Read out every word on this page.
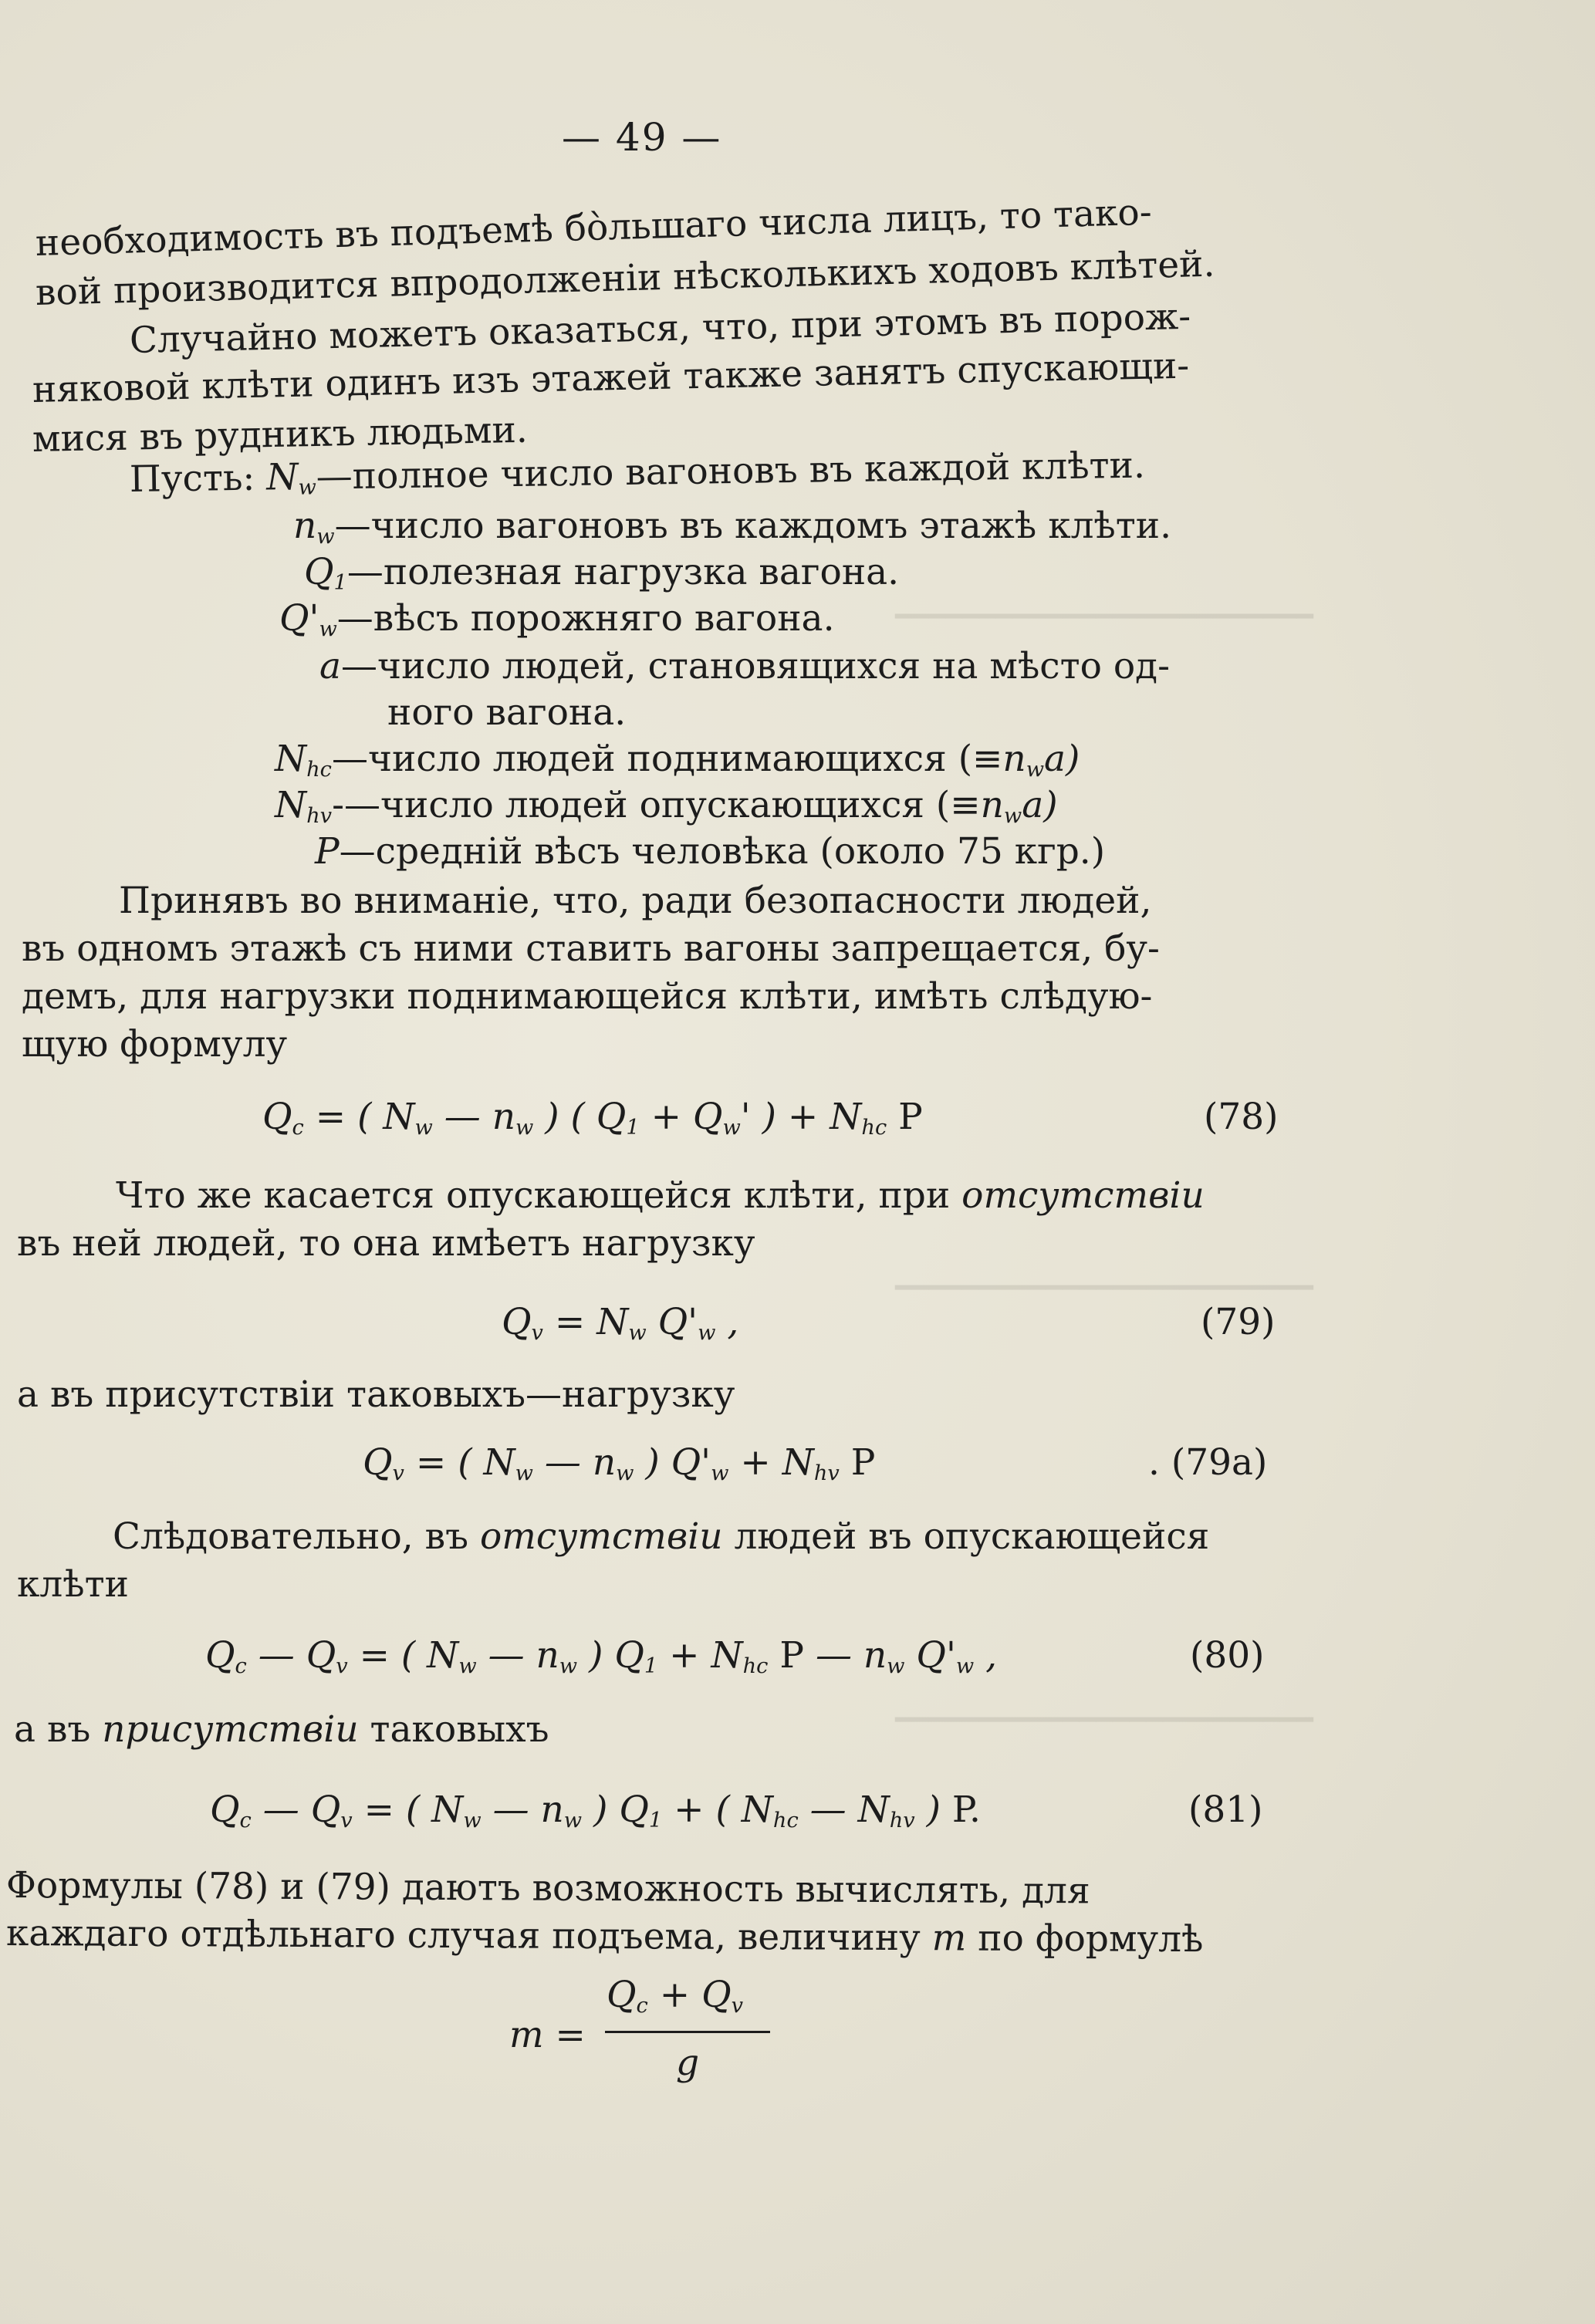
━━━━━━━━━━━━━━━━━━━━━━━━━
━━━━━━━━━━━━━━━━━━━━━━━━━
━━━━━━━━━━━━━━━━━━━━━━━━━
— 49 —
необходимость въ подъемѣ бо̀льшаго числа лицъ, то тако-
вой производится впродолженіи нѣсколькихъ ходовъ клѣтей.
Случайно можетъ оказаться, что, при этомъ въ порож-
няковой клѣти одинъ изъ этажей также занятъ спускающи-
мися въ рудникъ людьми.
Пусть: $N_w—полное$ число вагоновъ въ каждой клѣти.
$n_w—число$ вагоновъ въ каждомъ этажѣ клѣти.
$Q_1—полезная$ нагрузка вагона.
$Q'_w—вѣсъ$ порожняго вагона.
a—число людей, становящихся на мѣсто од-
ного вагона.
$N_{hc}—число$ людей поднимающихся $(\equiv n_wa)$
$N_{hv}-—число$ людей опускающихся $(\equiv n_wa)$
P—средній вѣсъ человѣка (около 75 кгр.)
Принявъ во вниманіе, что, ради безопасности людей,
въ одномъ этажѣ съ ними ставить вагоны запрещается, бу-
демъ, для нагрузки поднимающейся клѣти, имѣть слѣдую-
щую формулу
$Q_c$ = ( $N_w$ — $n_w$ ) ( $Q_1 + Q_w'$ ) + $N_{hc}$ P	(78)
Что же касается опускающейся клѣти, при отсутствіи
въ ней людей, то она имѣетъ нагрузку
$Q_v = N_w$ $Q'_w$ ,	(79)
а въ присутствіи таковыхъ—нагрузку
$Q_v$ = ( $N_w$ — $n_w$ ) $Q'_w + N_{hv}$ P	. (79a)
Слѣдовательно, въ отсутствіи людей въ опускающейся
клѣти
$Q_c$ — $Q_v$ = ( $N_w$ — $n_w$ ) $Q_1 + N_{hc}$ P — $n_w$ $Q'_w$ ,	(80)
а въ присутствіи таковыхъ
$Q_c$ — $Q_v$ = ( $N_w$ — $n_w$ ) $Q_1$ + ( $N_{hc}$ — $N_{hv}$ ) P.	(81)
Формулы (78) и (79) даютъ возможность вычислять, для
каждаго отдѣльнаго случая подъема, величину m по формулѣ
m =
$Q_c + Q_v$
g
